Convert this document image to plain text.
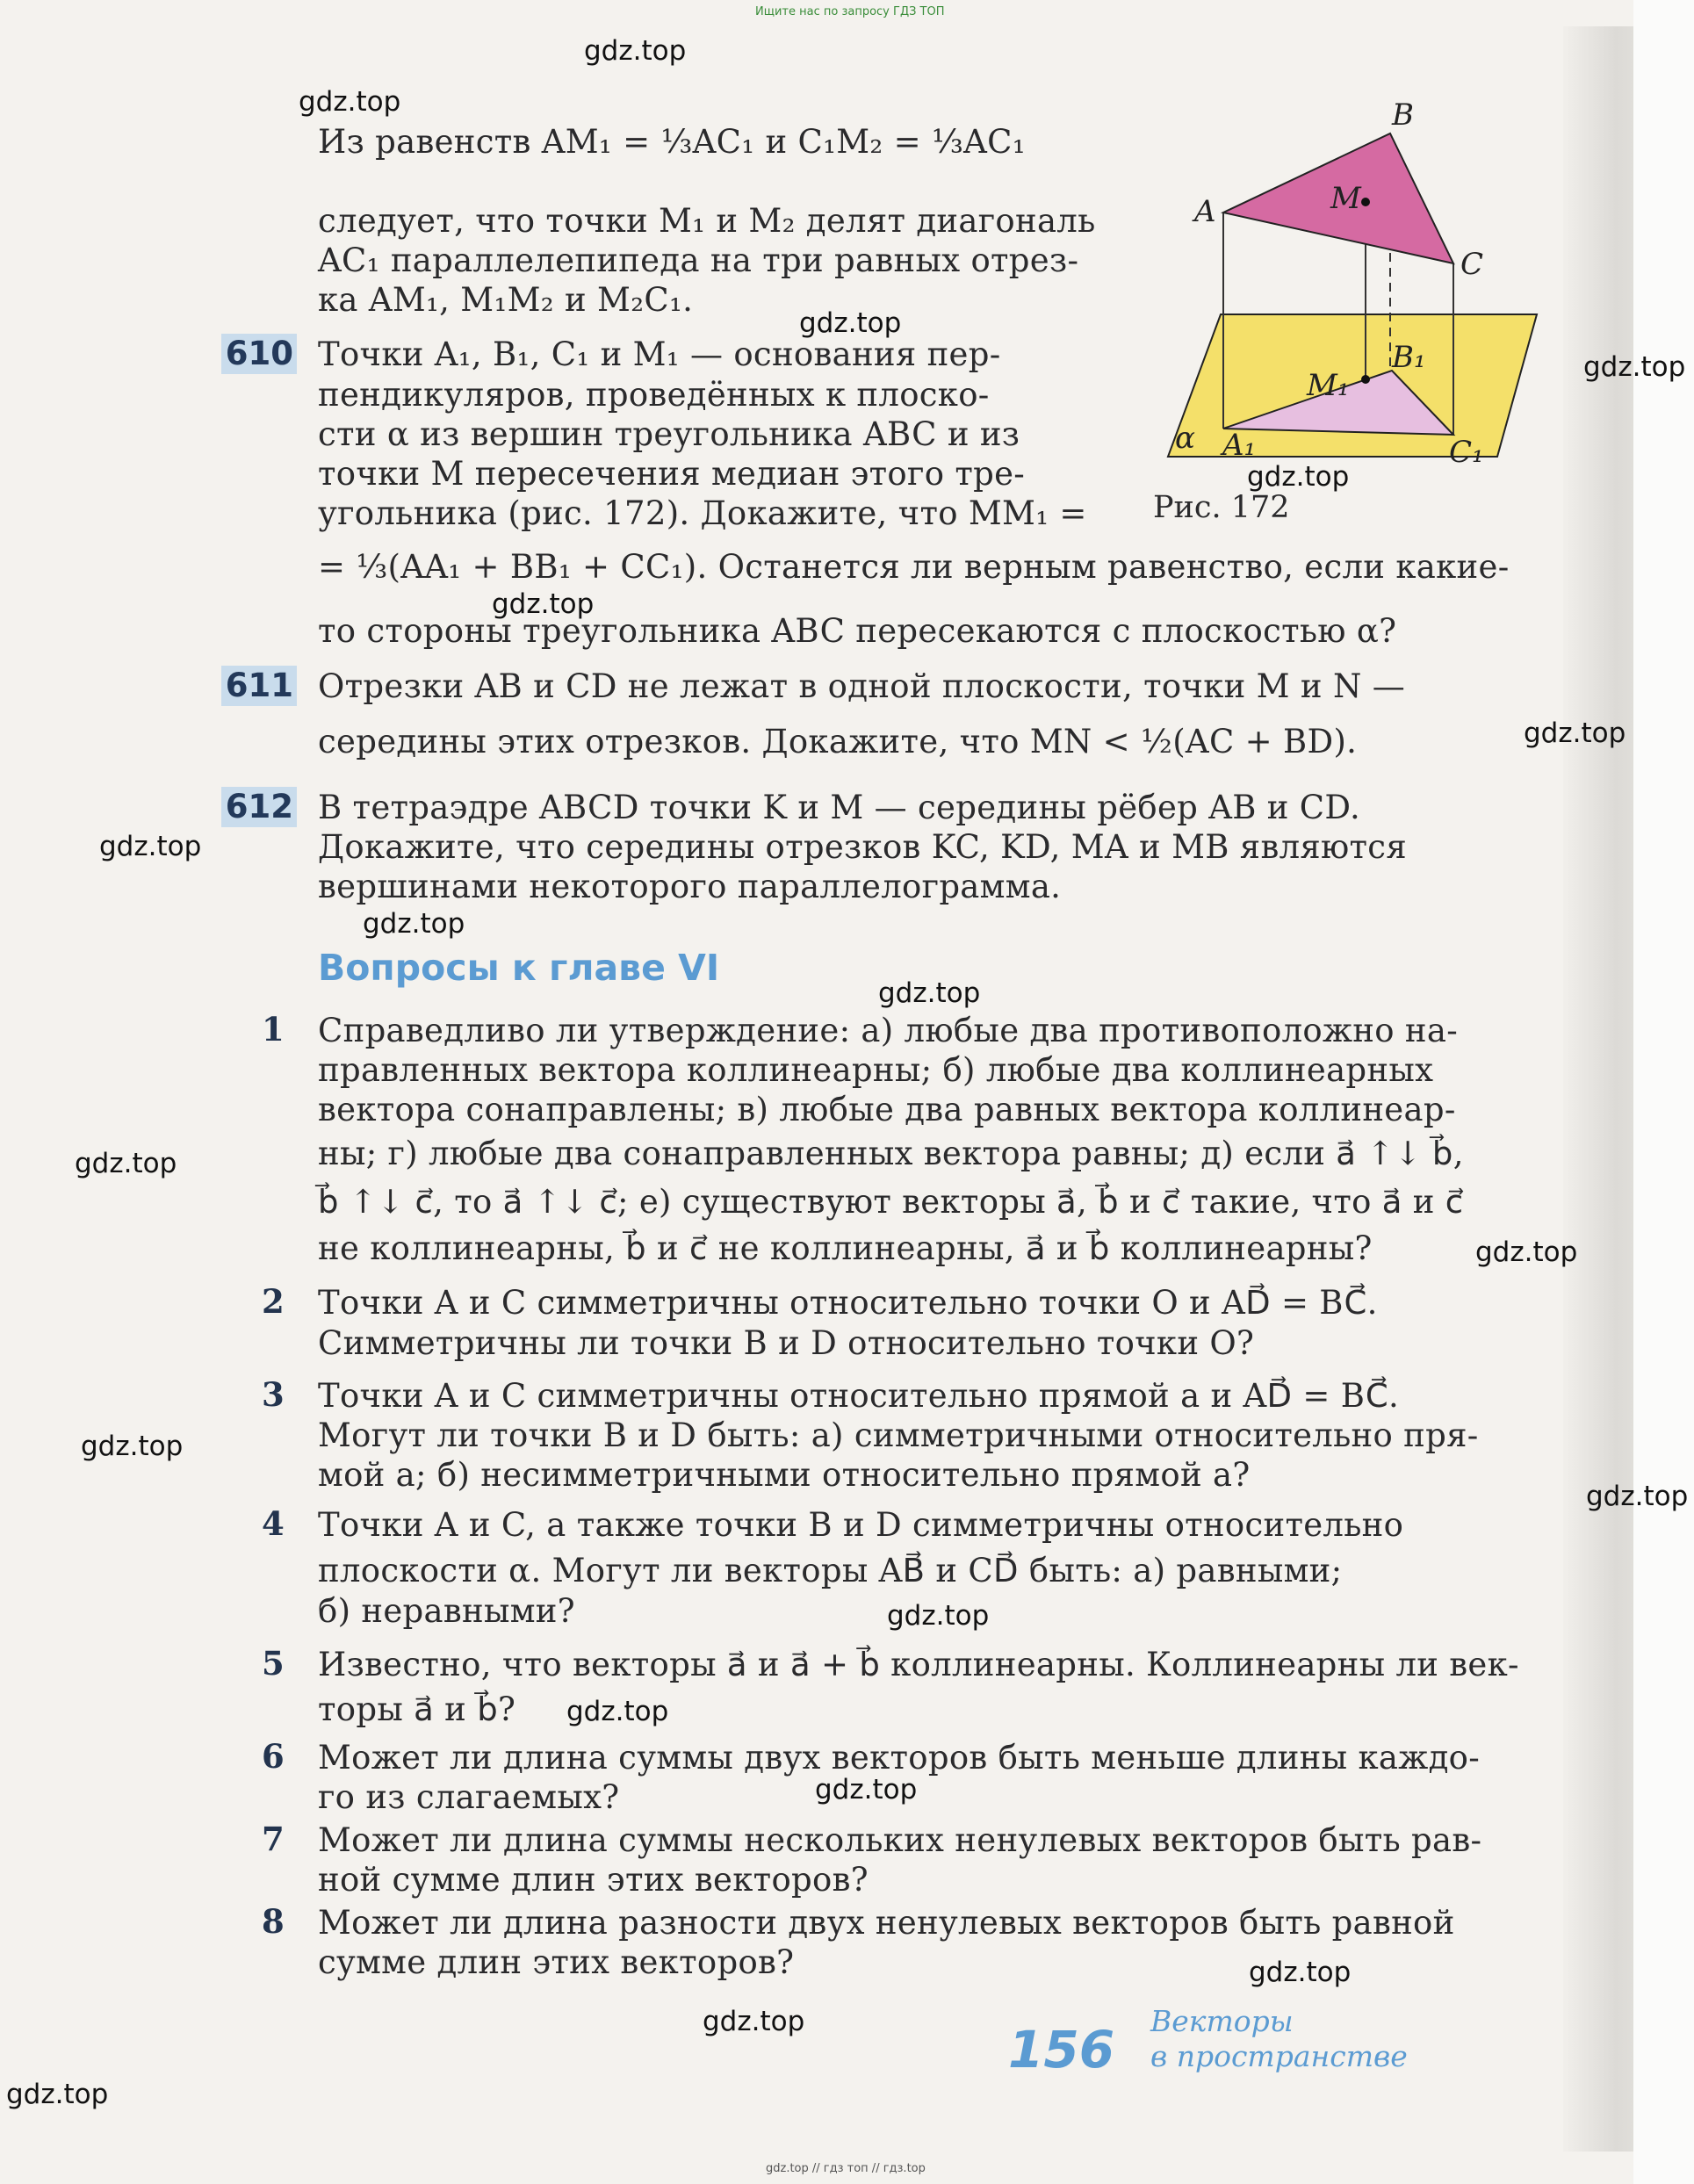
Ищите нас по запросу ГДЗ ТОП
gdz.top // гдз топ // гдз.top
Из равенств AM₁ = ⅓AC₁ и C₁M₂ = ⅓AC₁
следует, что точки M₁ и M₂ делят диагональ
AC₁ параллелепипеда на три равных отрез-
ка AM₁, M₁M₂ и M₂C₁.
A
B
C
M
A₁
B₁
C₁
M₁
α
Рис. 172
610 Точки A₁, B₁, C₁ и M₁ — основания пер-
пендикуляров, проведённых к плоско-
сти α из вершин треугольника ABC и из
точки M пересечения медиан этого тре-
угольника (рис. 172). Докажите, что MM₁ =
= ⅓(AA₁ + BB₁ + CC₁). Останется ли верным равенство, если какие-
то стороны треугольника ABC пересекаются с плоскостью α?
611 Отрезки AB и CD не лежат в одной плоскости, точки M и N —
середины этих отрезков. Докажите, что MN < ½(AC + BD).
612 В тетраэдре ABCD точки K и M — середины рёбер AB и CD.
Докажите, что середины отрезков KC, KD, MA и MB являются
вершинами некоторого параллелограмма.
Вопросы к главе VI
1 Справедливо ли утверждение: а) любые два противоположно на-
правленных вектора коллинеарны; б) любые два коллинеарных
вектора сонаправлены; в) любые два равных вектора коллинеар-
ны; г) любые два сонаправленных вектора равны; д) если a⃗ ↑↓ b⃗,
b⃗ ↑↓ c⃗, то a⃗ ↑↓ c⃗; е) существуют векторы a⃗, b⃗ и c⃗ такие, что a⃗ и c⃗
не коллинеарны, b⃗ и c⃗ не коллинеарны, a⃗ и b⃗ коллинеарны?
2 Точки A и C симметричны относительно точки O и AD⃗ = BC⃗.
Симметричны ли точки B и D относительно точки O?
3 Точки A и C симметричны относительно прямой a и AD⃗ = BC⃗.
Могут ли точки B и D быть: а) симметричными относительно пря-
мой a; б) несимметричными относительно прямой a?
4 Точки A и C, а также точки B и D симметричны относительно
плоскости α. Могут ли векторы AB⃗ и CD⃗ быть: а) равными;
б) неравными?
5 Известно, что векторы a⃗ и a⃗ + b⃗ коллинеарны. Коллинеарны ли век-
торы a⃗ и b⃗?
6 Может ли длина суммы двух векторов быть меньше длины каждо-
го из слагаемых?
7 Может ли длина суммы нескольких ненулевых векторов быть рав-
ной сумме длин этих векторов?
8 Может ли длина разности двух ненулевых векторов быть равной
сумме длин этих векторов?
156 Векторы
в пространстве
gdz.top
gdz.top
gdz.top
gdz.top
gdz.top
gdz.top
gdz.top
gdz.top
gdz.top
gdz.top
gdz.top
gdz.top
gdz.top
gdz.top
gdz.top
gdz.top
gdz.top
gdz.top
gdz.top
gdz.top
